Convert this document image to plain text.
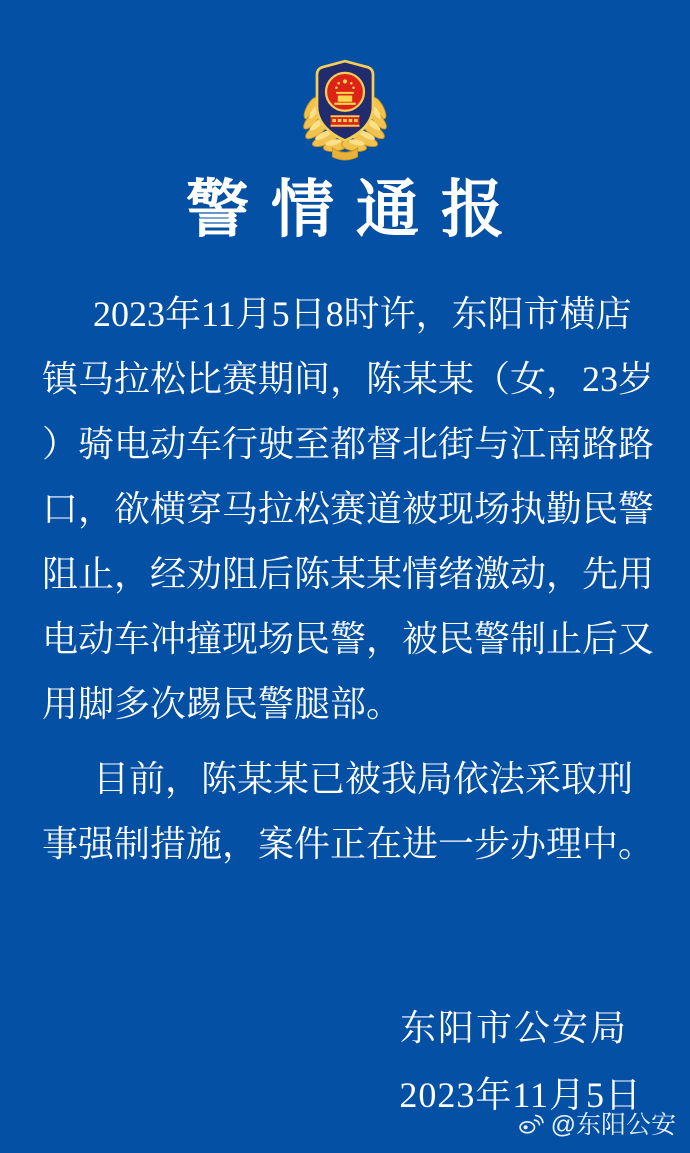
警情通报
2023年11月5日8时许，东阳市横店
镇马拉松比赛期间，陈某某（女，23岁
）骑电动车行驶至都督北街与江南路路
口，欲横穿马拉松赛道被现场执勤民警
阻止，经劝阻后陈某某情绪激动，先用
电动车冲撞现场民警，被民警制止后又
用脚多次踢民警腿部。
目前，陈某某已被我局依法采取刑
事强制措施，案件正在进一步办理中。
东阳市公安局
2023年11月5日
@东阳公安
